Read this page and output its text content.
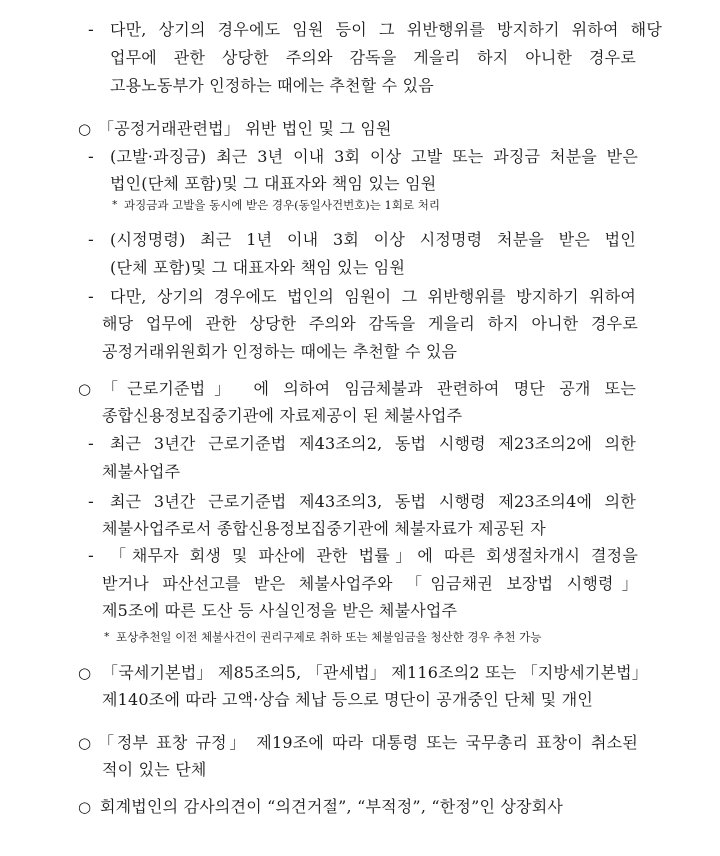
- 다만, 상기의 경우에도 임원 등이 그 위반행위를 방지하기 위하여 해당
업무에 관한 상당한 주의와 감독을 게을리 하지 아니한 경우로
고용노동부가 인정하는 때에는 추천할 수 있음
○ 「공정거래관련법」 위반 법인 및 그 임원
- (고발·과징금) 최근 3년 이내 3회 이상 고발 또는 과징금 처분을 받은
법인(단체 포함)및 그 대표자와 책임 있는 임원
* 과징금과 고발을 동시에 받은 경우(동일사건번호)는 1회로 처리
- (시정명령) 최근 1년 이내 3회 이상 시정명령 처분을 받은 법인
(단체 포함)및 그 대표자와 책임 있는 임원
- 다만, 상기의 경우에도 법인의 임원이 그 위반행위를 방지하기 위하여
해당 업무에 관한 상당한 주의와 감독을 게을리 하지 아니한 경우로
공정거래위원회가 인정하는 때에는 추천할 수 있음
○ 「근로기준법」 에 의하여 임금체불과 관련하여 명단 공개 또는
종합신용정보집중기관에 자료제공이 된 체불사업주
- 최근 3년간 근로기준법 제43조의2, 동법 시행령 제23조의2에 의한
체불사업주
- 최근 3년간 근로기준법 제43조의3, 동법 시행령 제23조의4에 의한
체불사업주로서 종합신용정보집중기관에 체불자료가 제공된 자
- 「채무자 회생 및 파산에 관한 법률」에 따른 회생절차개시 결정을
받거나 파산선고를 받은 체불사업주와 「임금채권 보장법 시행령」
제5조에 따른 도산 등 사실인정을 받은 체불사업주
* 포상추천일 이전 체불사건이 권리구제로 취하 또는 체불임금을 청산한 경우 추천 가능
○ 「국세기본법」 제85조의5, 「관세법」 제116조의2 또는 「지방세기본법」
제140조에 따라 고액·상습 체납 등으로 명단이 공개중인 단체 및 개인
○ 「정부 표창 규정」 제19조에 따라 대통령 또는 국무총리 표창이 취소된
적이 있는 단체
○ 회계법인의 감사의견이 “의견거절”, “부적정”, “한정”인 상장회사
